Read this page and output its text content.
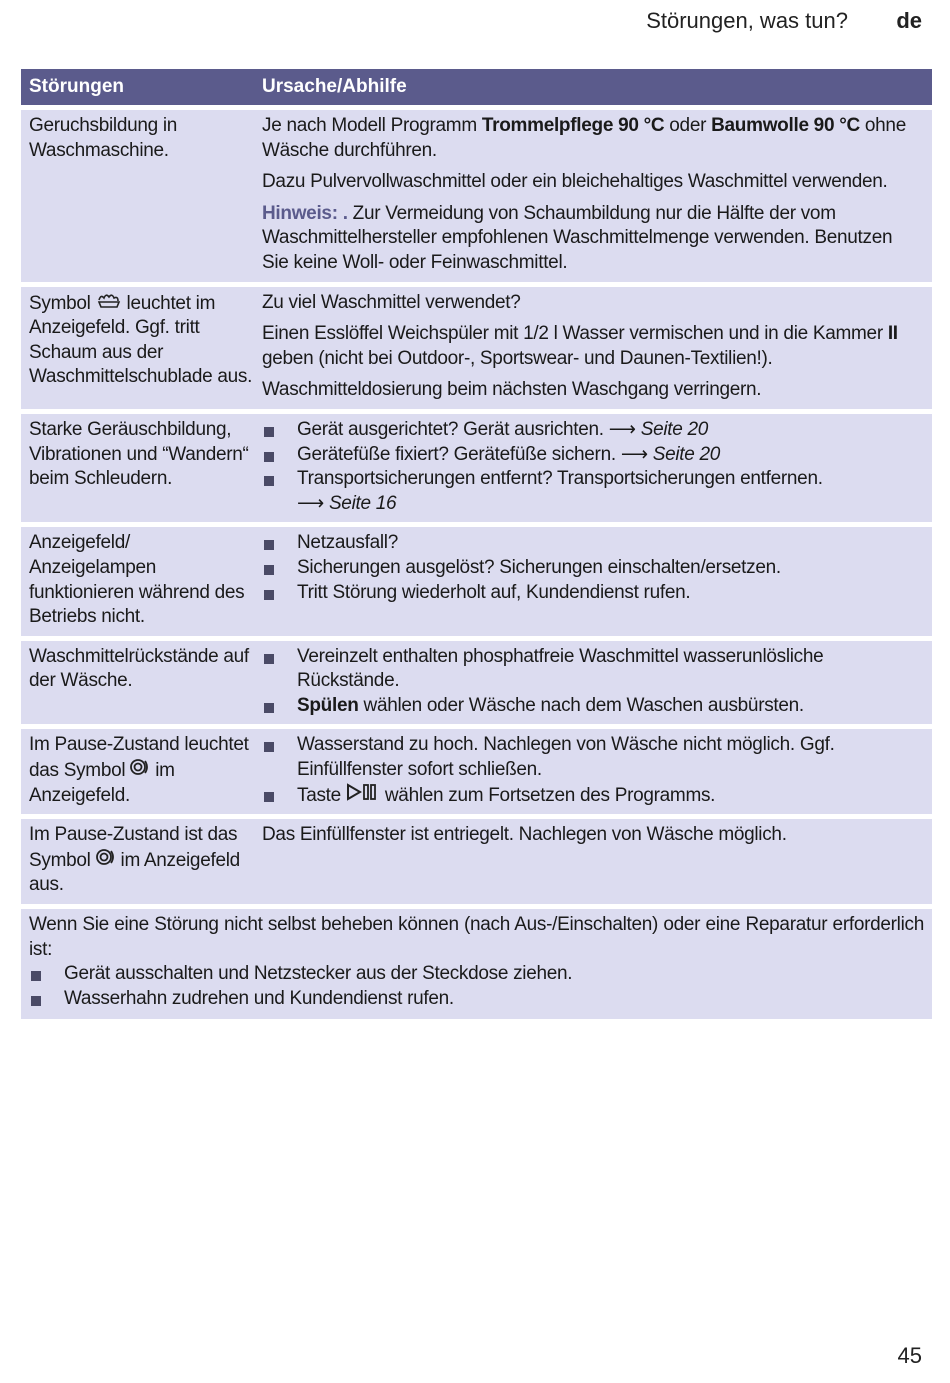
Störungen, was tun? de
Störungen	Ursache/Abhilfe
Geruchsbildung in Waschmaschine.

Je nach Modell Programm Trommelpflege 90 °C oder Baumwolle 90 °C ohne Wäsche durchführen.

Dazu Pulvervollwaschmittel oder ein bleichehaltiges Waschmittel verwenden.

Hinweis: . Zur Vermeidung von Schaumbildung nur die Hälfte der vom Waschmittelhersteller empfohlenen Waschmittelmenge verwenden. Benutzen Sie keine Woll- oder Feinwaschmittel.

Symbol  leuchtet im Anzeigefeld. Ggf. tritt Schaum aus der Waschmittelschublade aus.

Zu viel Waschmittel verwendet?

Einen Esslöffel Weichspüler mit 1/2 l Wasser vermischen und in die Kammer II geben (nicht bei Outdoor-, Sportswear- und Daunen-Textilien!).

Waschmitteldosierung beim nächsten Waschgang verringern.

Starke Geräuschbildung, Vibrationen und “Wandern“ beim Schleudern.
Gerät ausgerichtet? Gerät ausrichten. ⟶ Seite 20
Gerätefüße fixiert? Gerätefüße sichern. ⟶ Seite 20
Transportsicherungen entfernt? Transportsicherungen entfernen.
⟶ Seite 16
Anzeigefeld/ Anzeigelampen funktionieren während des Betriebs nicht.
Netzausfall?
Sicherungen ausgelöst? Sicherungen einschalten/ersetzen.
Tritt Störung wiederholt auf, Kundendienst rufen.
Waschmittelrückstände auf der Wäsche.
Vereinzelt enthalten phosphatfreie Waschmittel wasserunlösliche Rückstände.
Spülen wählen oder Wäsche nach dem Waschen ausbürsten.
Im Pause-Zustand leuchtet das Symbol  im Anzeigefeld.
Wasserstand zu hoch. Nachlegen von Wäsche nicht möglich. Ggf. Einfüllfenster sofort schließen.
Taste  wählen zum Fortsetzen des Programms.
Im Pause-Zustand ist das Symbol  im Anzeigefeld aus.

Das Einfüllfenster ist entriegelt. Nachlegen von Wäsche möglich.

Wenn Sie eine Störung nicht selbst beheben können (nach Aus-/Einschalten) oder eine Reparatur erforderlich ist:

Gerät ausschalten und Netzstecker aus der Steckdose ziehen.
Wasserhahn zudrehen und Kundendienst rufen.
45
